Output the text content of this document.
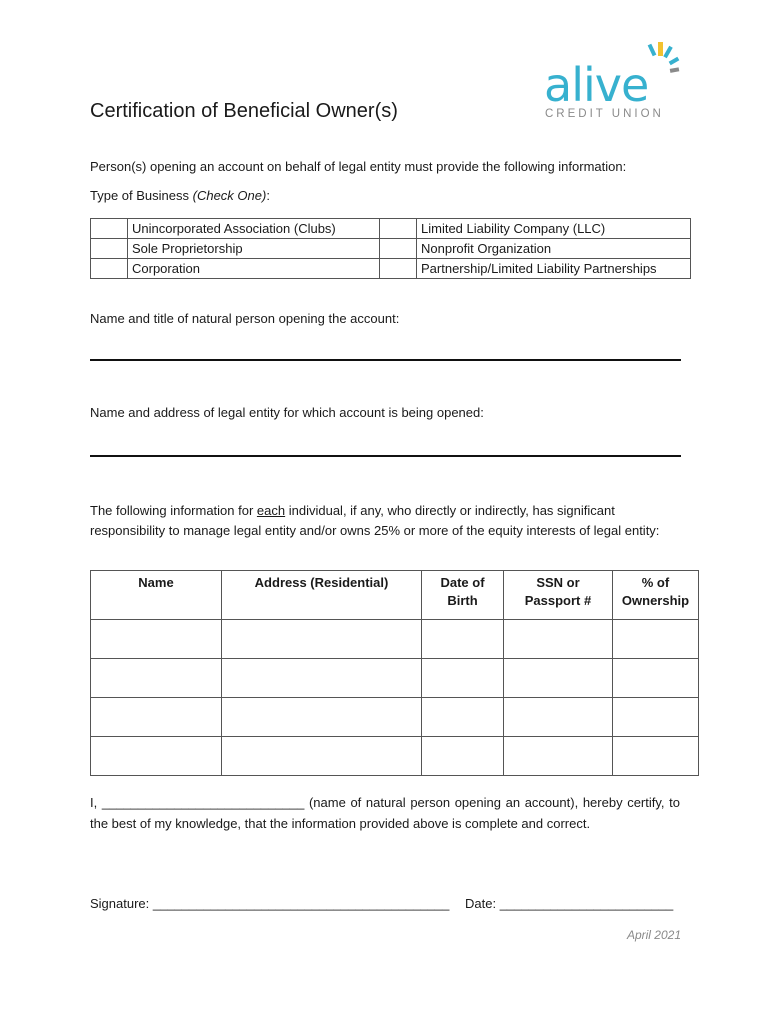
Certification of Beneficial Owner(s)	alive
CREDIT UNION
Person(s) opening an account on behalf of legal entity must provide the following information:
Type of Business (Check One):
	Unincorporated Association (Clubs)		Limited Liability Company (LLC)
	Sole Proprietorship		Nonprofit Organization
	Corporation		Partnership/Limited Liability Partnerships
Name and title of natural person opening the account:
Name and address of legal entity for which account is being opened:
The following information for each individual, if any, who directly or indirectly, has significant responsibility to manage legal entity and/or owns 25% or more of the equity interests of legal entity:
Name	Address (Residential)	Date of Birth	SSN or Passport #	% of Ownership

I, ____________________________ (name of natural person opening an account), hereby certify, to the best of my knowledge, that the information provided above is complete and correct.
Signature: _________________________________________ Date: ________________________
April 2021
